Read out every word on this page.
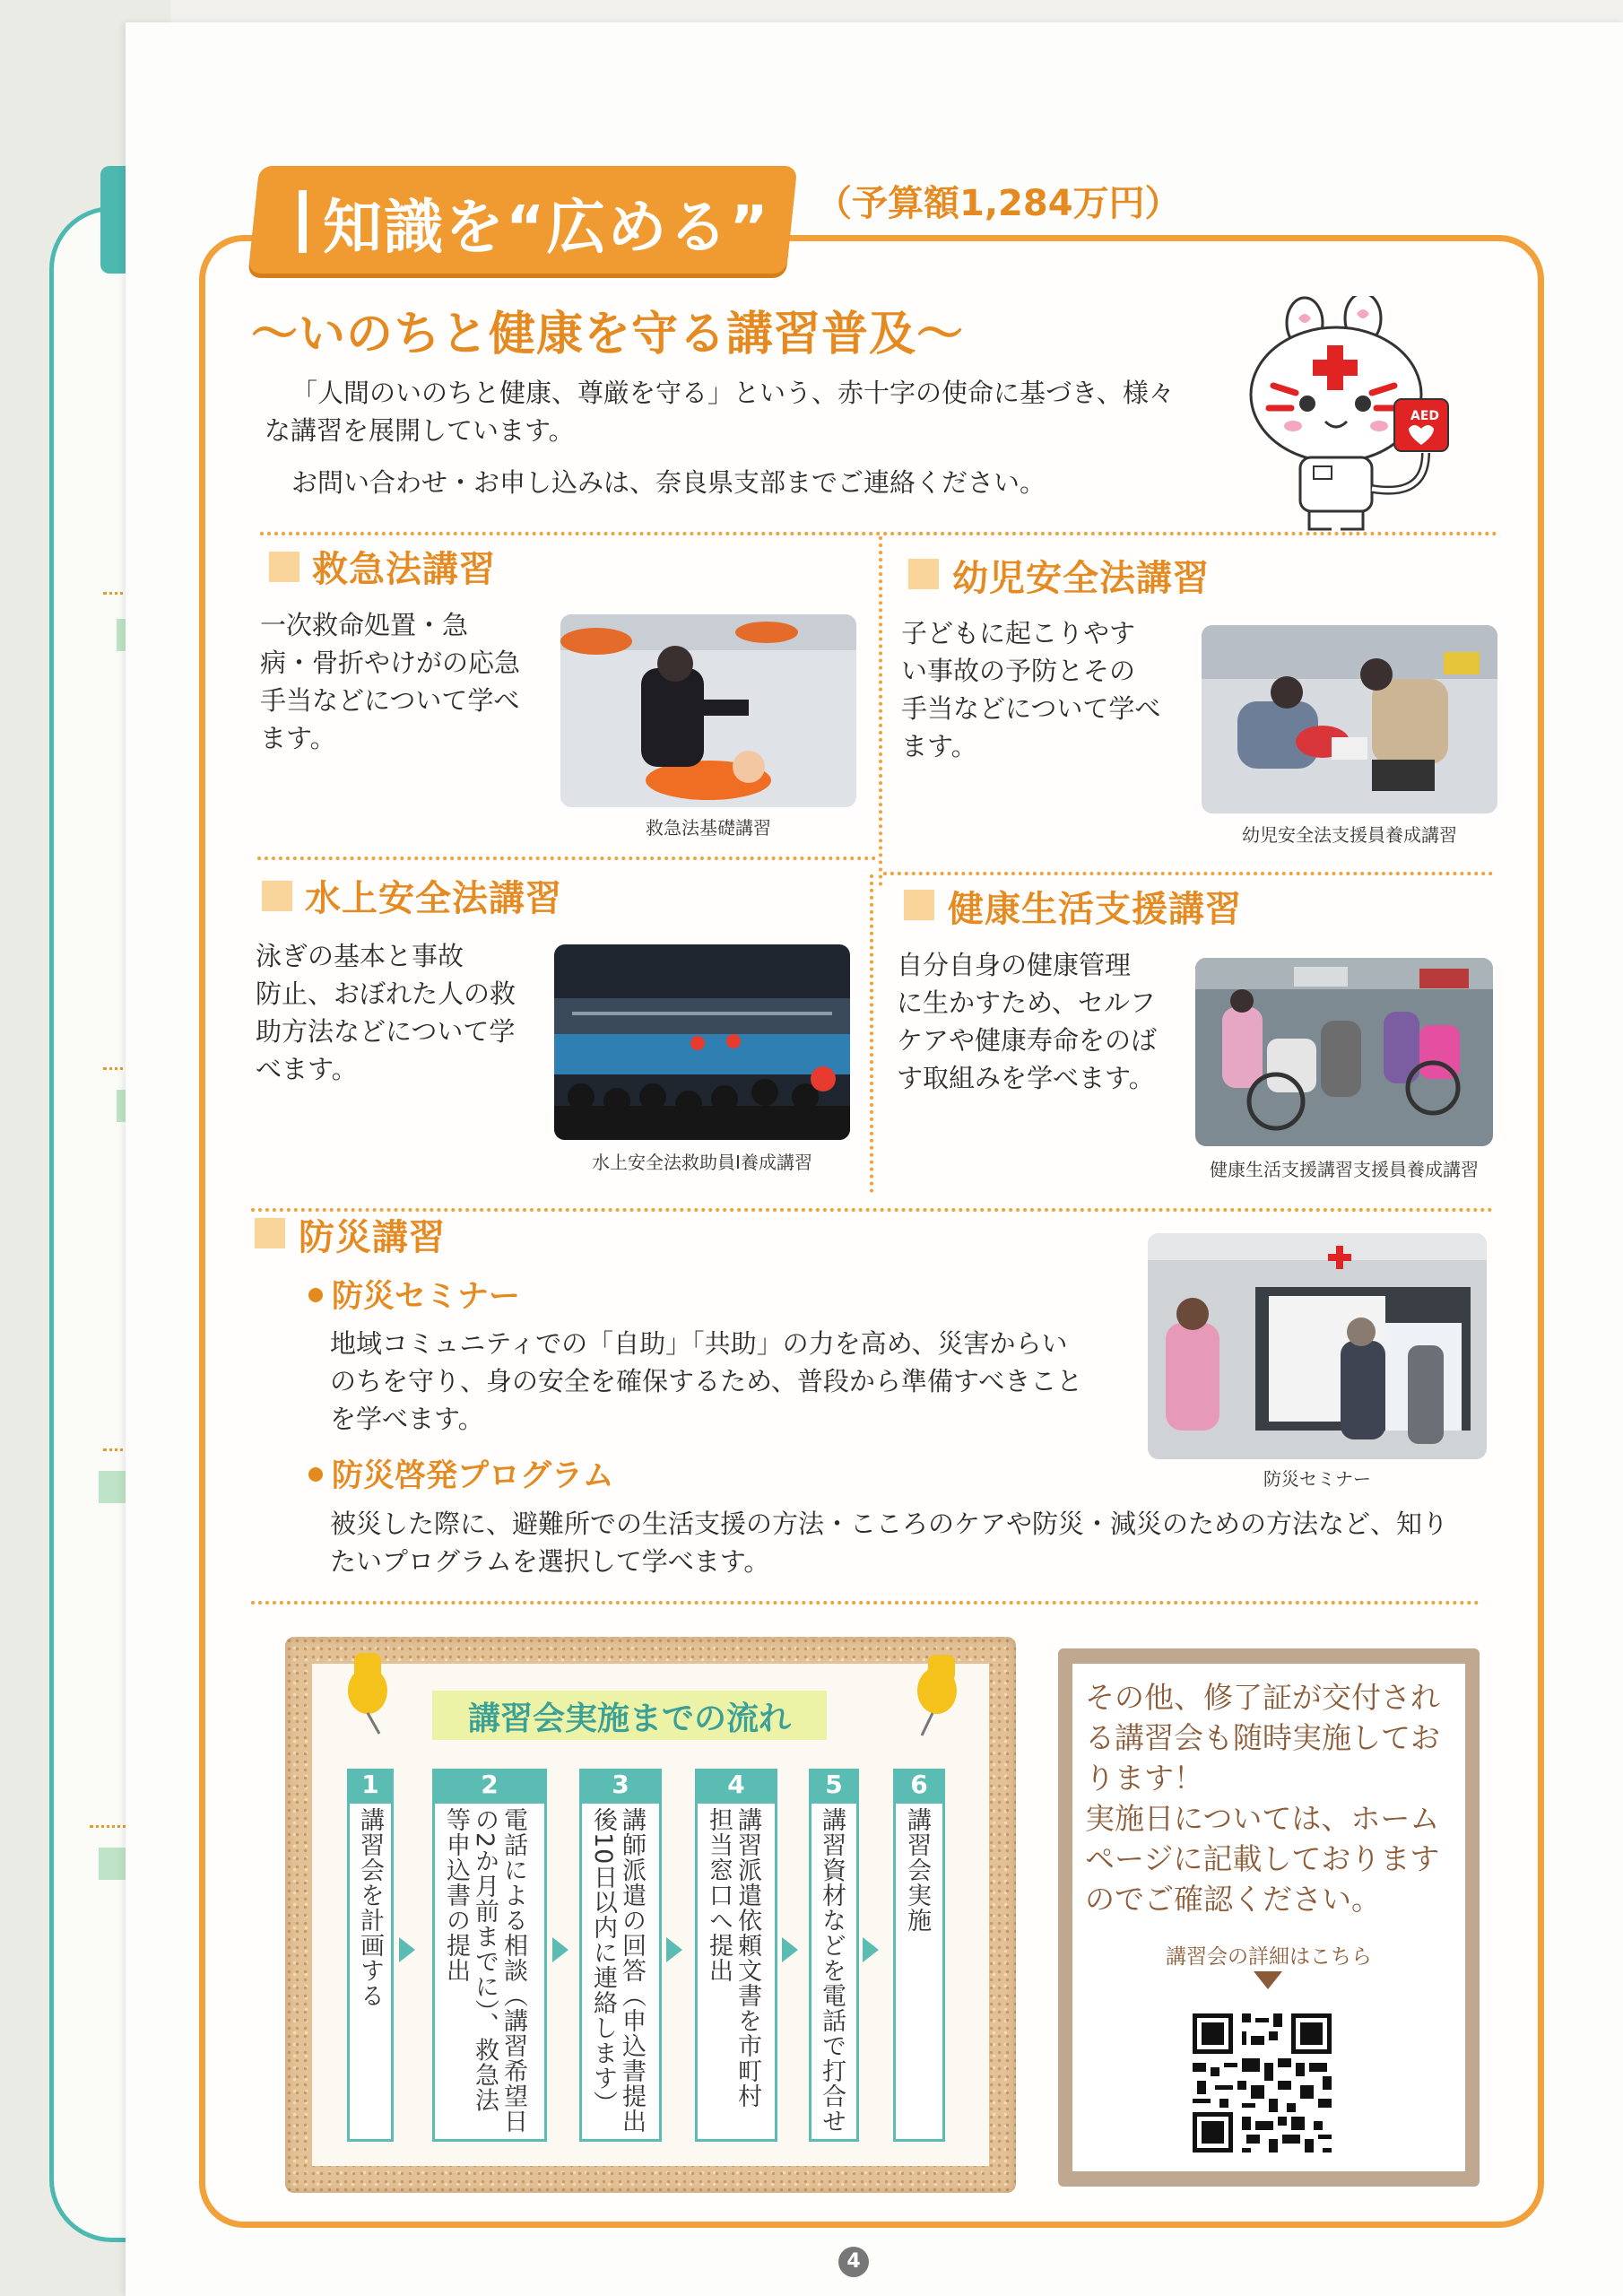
知識を“広める” （予算額1,284万円）
～いのちと健康を守る講習普及～
「人間のいのちと健康、尊厳を守る」という、赤十字の使命に基づき、様々
な講習を展開しています。
お問い合わせ・お申し込みは、奈良県支部までご連絡ください。
AED
救急法講習
一次救命処置・急
病・骨折やけがの応急
手当などについて学べ
ます。
救急法基礎講習
幼児安全法講習
子どもに起こりやす
い事故の予防とその
手当などについて学べ
ます。
幼児安全法支援員養成講習
水上安全法講習
泳ぎの基本と事故
防止、おぼれた人の救
助方法などについて学
べます。
水上安全法救助員Ⅰ養成講習
健康生活支援講習
自分自身の健康管理
に生かすため、セルフ
ケアや健康寿命をのば
す取組みを学べます。
健康生活支援講習支援員養成講習
防災講習
防災セミナー
地域コミュニティでの「自助」「共助」の力を高め、災害からい
のちを守り、身の安全を確保するため、普段から準備すべきこと
を学べます。
防災啓発プログラム
被災した際に、避難所での生活支援の方法・こころのケアや防災・減災のための方法など、知り
たいプログラムを選択して学べます。
防災セミナー
講習会実施までの流れ
1
講習会を計画する
2
電話による相談（講習希望日
の2か月前までに）、救急法
等申込書の提出
3
講師派遣の回答（申込書提出
後10日以内に連絡します）
4
講習派遣依頼文書を市町村
担当窓口へ提出
5
講習資材などを電話で打合せ
6
講習会実施
その他、修了証が交付され
る講習会も随時実施してお
ります！
実施日については、ホーム
ページに記載しております
のでご確認ください。
講習会の詳細はこちら
4
